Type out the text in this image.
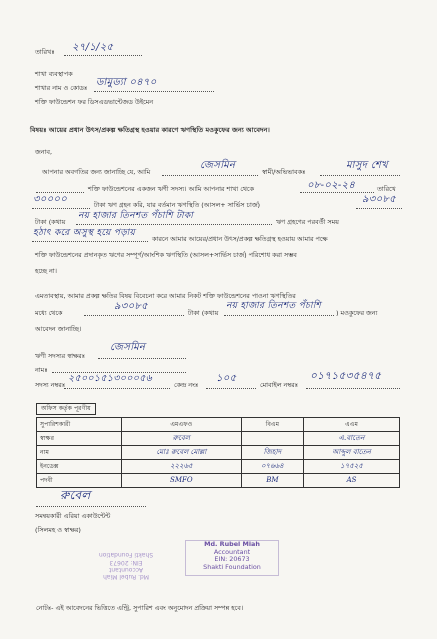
তারিখঃ ২৭/১/২৫
শাখা ব্যবস্থাপক
শাখার নাম ও কোডঃ ডামুড্যা ০৪৭০
শক্তি ফাউন্ডেশন ফর ডিসএডভান্টেজড উইমেন
বিষয়ঃ আয়ের প্রধান উৎস/প্রকল্প ক্ষতিগ্রস্থ হওয়ার কারণে ঋণস্থিতি মওকুফের জন্য আবেদন।
জনাব,
আপনার অবগতির জন্য জানাচ্ছি যে, আমি
জেসমিন
স্বামী/অভিভাবকঃ
মাসুদ শেখ
শক্তি ফাউন্ডেশনের একজন ঋণী সদস্য। আমি আপনার শাখা থেকে	০৮-০২-২৪	তারিখে
৩০০০০	টাকা ঋণ গ্রহন করি, যার বর্তমান ঋণস্থিতি (আসল+ সার্ভিস চার্জ)	৯৩০৮৫
টাকা (কথায়
নয় হাজার তিনশত পঁচাশি টাকা
ঋণ গ্রহণের পরবর্তী সময়
হঠাৎ করে অসুস্থ হয়ে পড়ায়
কারনে আমার আয়ের/প্রধান উৎস/প্রকল্প ক্ষতিগ্রস্থ হওয়ায় আমার পক্ষে
শক্তি ফাউন্ডেশনের প্রদানকৃত ঋণের সম্পূর্ণ/আংশিক ঋণস্থিতি (আসল+সার্ভিস চার্জ) পরিশোধ করা সম্ভব
হচ্ছে না।
এমতাবস্থায়, আমার প্রকল্প ক্ষতির বিষয় বিবেচনা করে আমার নিকট শক্তি ফাউন্ডেশনের পাওনা ঋণস্থিতির
মধ্যে থেকে
৯৩০৮৫
টাকা (কথায়
নয় হাজার তিনশত পঁচাশি
) মওকুফের জন্য
আবেদন জানাচ্ছি।
ঋণী সদস্যর স্বাক্ষরঃ
জেসমিন
নামঃ
সদস্য নম্বরঃ
২৫০০১৫১৩০০০৫৬
কেন্দ্র নংঃ
১০৫
মোবাইল নম্বরঃ
০১৭১৫৩৫৪৭৫
অফিস কর্তৃক পূরণীয়
সুপারিশকারী	এমএফও	বিএম	এএম
স্বাক্ষর	রুবেল		এ.বাতেন
নাম	মোঃ রুবেল মোল্লা	জিহাদ	আব্দুল বাতেন
ইনডেক্স	২২২৬৫	০৭৬৬৪	১৭৫২৫
পদবী	SMFO	BM	AS
রুবেল
সমন্বয়কারী এরিয়া একাউন্টেন্ট
(সিলমহ ও স্বাক্ষর)
Md. Rubel Miah
Accountant
EIN: 20673
Shakti Foundation
Md. Rubel Miah
Accountant
EIN: 20673
Shakti Foundation
নোটঃ- এই আবেদনের ভিত্তিতে এন্ট্রি, সুপারিশ এবং অনুমোদন প্রক্রিয়া সম্পন্ন হবে।
